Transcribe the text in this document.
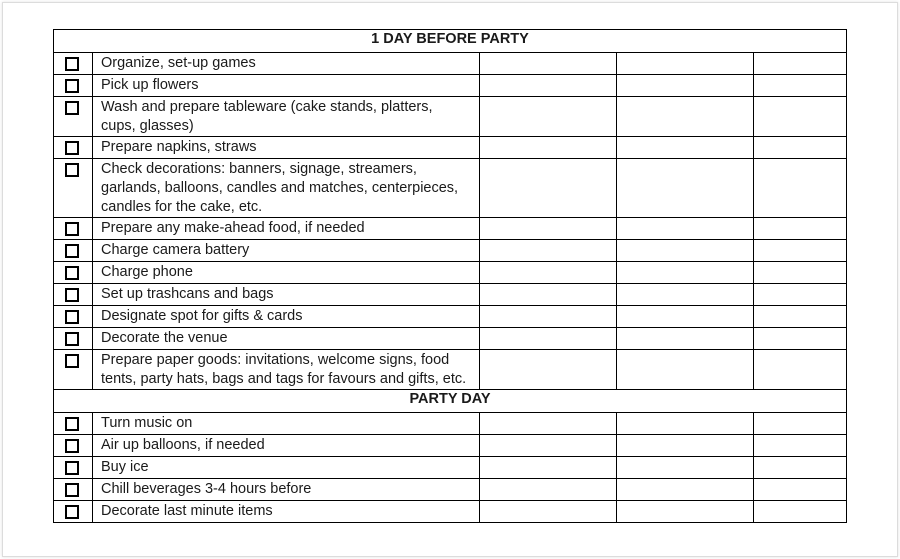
1 DAY BEFORE PARTY				

	Organize, set-up games			

	Pick up flowers			

	Wash and prepare tableware (cake stands, platters, cups, glasses)			

	Prepare napkins, straws			

	Check decorations: banners, signage, streamers, garlands, balloons, candles and matches, centerpieces, candles for the cake, etc.			

	Prepare any make-ahead food, if needed			

	Charge camera battery			

	Charge phone			

	Set up trashcans and bags			

	Designate spot for gifts & cards			

	Decorate the venue			

	Prepare paper goods: invitations, welcome signs, food tents, party hats, bags and tags for favours and gifts, etc.			
PARTY DAY				

	Turn music on			

	Air up balloons, if needed			

	Buy ice			

	Chill beverages 3-4 hours before			

	Decorate last minute items			
